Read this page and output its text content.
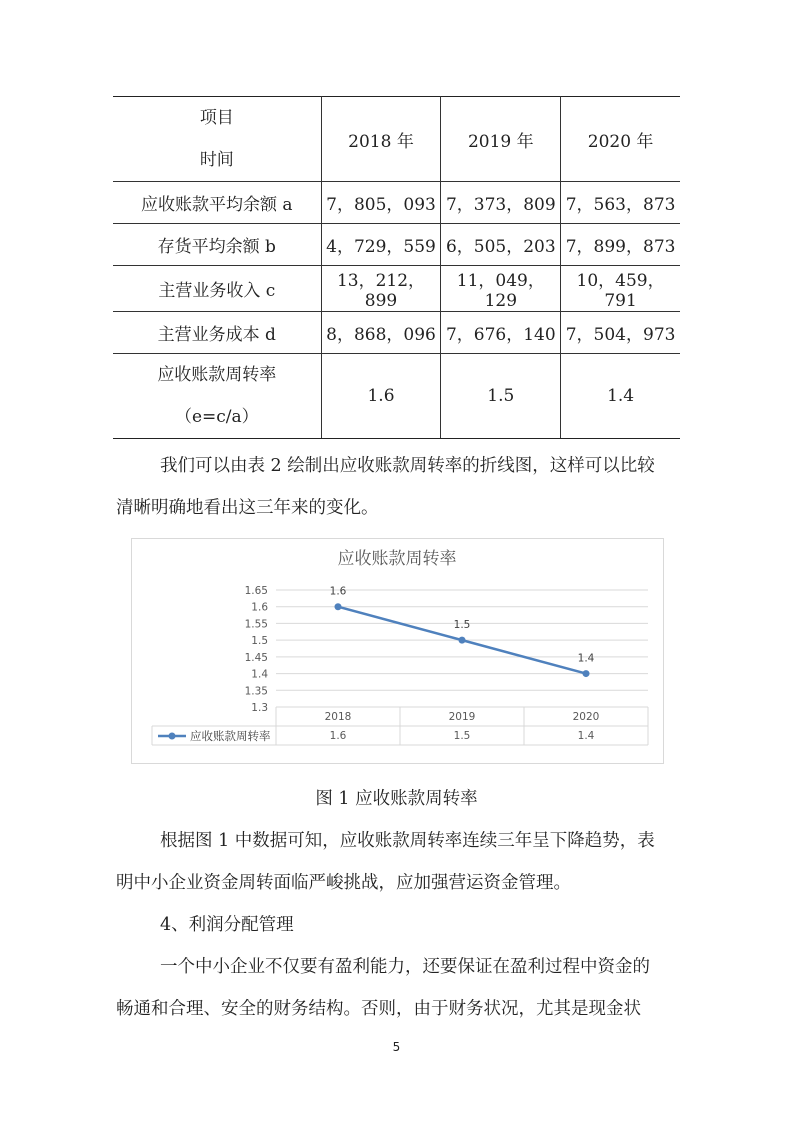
项目
时间	2018 年	2019 年	2020 年
应收账款平均余额 a	7，805，093	7，373，809	7，563，873
存货平均余额 b	4，729，559	6，505，203	7，899，873
主营业务收入 c	13，212，899	11，049，129	10，459，791
主营业务成本 d	8，868，096	7，676，140	7，504，973

应收账款周转率
（e=c/a）	1.6	1.5	1.4
我们可以由表 2 绘制出应收账款周转率的折线图，这样可以比较
清晰明确地看出这三年来的变化。
应收账款周转率
1.3
1.35
1.4
1.45
1.5
1.55
1.6
1.65
2018
1.6
2019
1.5
2020
1.4
应收账款周转率
1.6
1.5
1.4
图 1 应收账款周转率
根据图 1 中数据可知，应收账款周转率连续三年呈下降趋势，表
明中小企业资金周转面临严峻挑战，应加强营运资金管理。
4、利润分配管理
一个中小企业不仅要有盈利能力，还要保证在盈利过程中资金的
畅通和合理、安全的财务结构。否则，由于财务状况，尤其是现金状
5
